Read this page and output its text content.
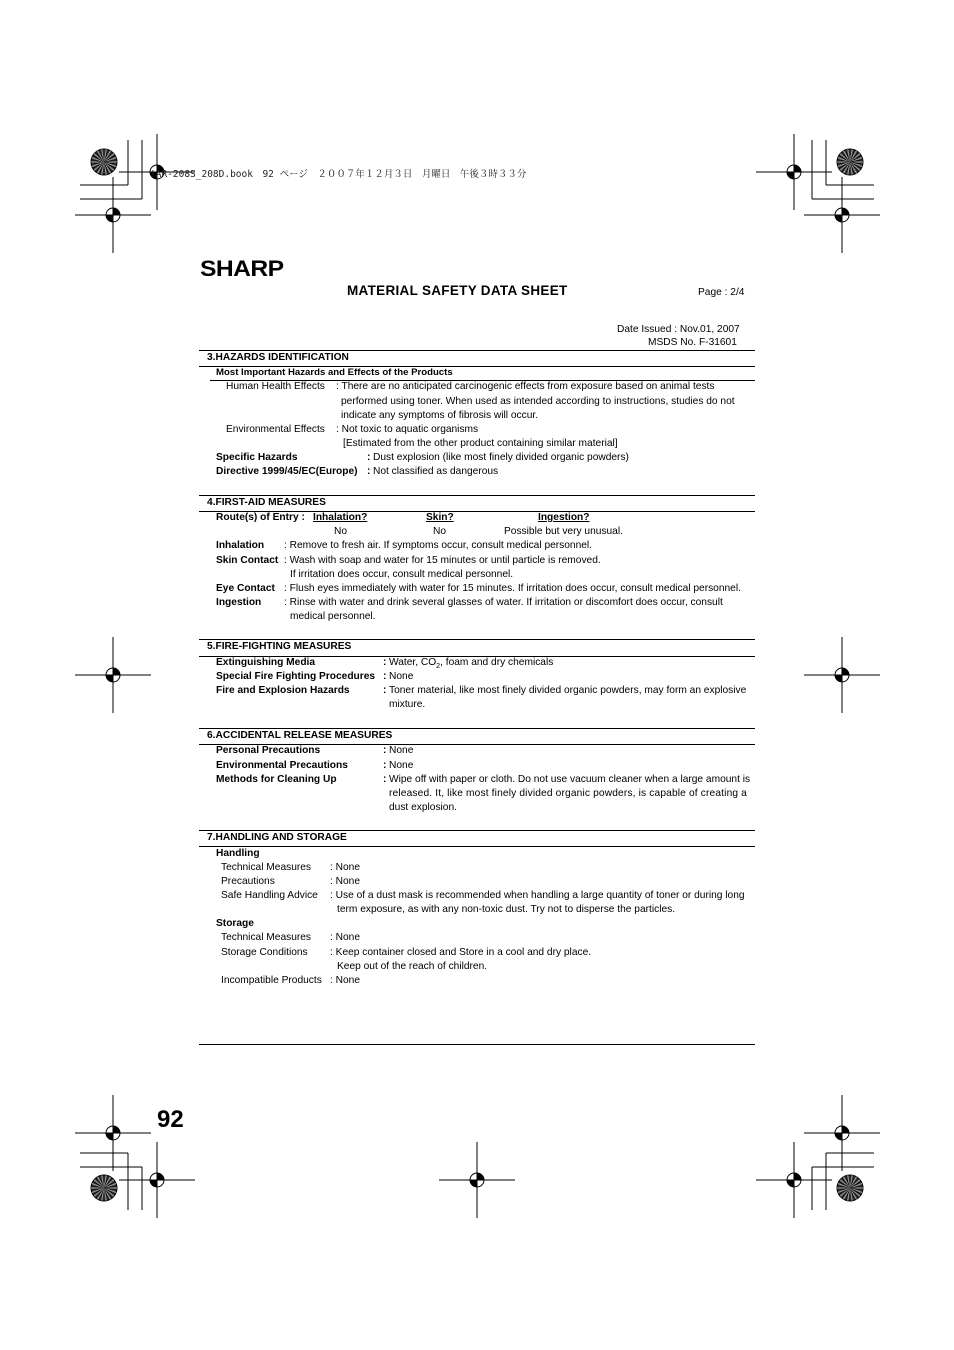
!AR-208S_208D.book　92 ページ　２００７年１２月３日　月曜日　午後３時３３分
SHARP
MATERIAL SAFETY DATA SHEET	Page : 2/4
Date Issued : Nov.01, 2007
MSDS No. F-31601
3.HAZARDS IDENTIFICATION
Most Important Hazards and Effects of the Products
Human Health Effects : There are no anticipated carcinogenic effects from exposure based on animal tests
performed using toner. When used as intended according to instructions, studies do not
indicate any symptoms of fibrosis will occur.
Environmental Effects : Not toxic to aquatic organisms
[Estimated from the other product containing similar material]
Specific Hazards	: Dust explosion (like most finely divided organic powders)
Directive 1999/45/EC(Europe) : Not classified as dangerous
4.FIRST-AID MEASURES
Route(s) of Entry : Inhalation?	Skin?	Ingestion?
No	No	Possible but very unusual.
Inhalation : Remove to fresh air. If symptoms occur, consult medical personnel.
Skin Contact : Wash with soap and water for 15 minutes or until particle is removed.
If irritation does occur, consult medical personnel.
Eye Contact : Flush eyes immediately with water for 15 minutes. If irritation does occur, consult medical personnel.
Ingestion : Rinse with water and drink several glasses of water. If irritation or discomfort does occur, consult
medical personnel.
5.FIRE-FIGHTING MEASURES
Extinguishing Media	: Water, $CO_2$, foam and dry chemicals
Special Fire Fighting Procedures : None
Fire and Explosion Hazards	: Toner material, like most finely divided organic powders, may form an explosive
mixture.
6.ACCIDENTAL RELEASE MEASURES
Personal Precautions	: None
Environmental Precautions	: None
Methods for Cleaning Up	: Wipe off with paper or cloth. Do not use vacuum cleaner when a large amount is
released. It, like most finely divided organic powders, is capable of creating a
dust explosion.
7.HANDLING AND STORAGE
Handling
Technical Measures : None
Precautions	: None
Safe Handling Advice : Use of a dust mask is recommended when handling a large quantity of toner or during long
term exposure, as with any non-toxic dust. Try not to disperse the particles.
Storage
Technical Measures : None
Storage Conditions : Keep container closed and Store in a cool and dry place.
Keep out of the reach of children.
Incompatible Products : None
92
